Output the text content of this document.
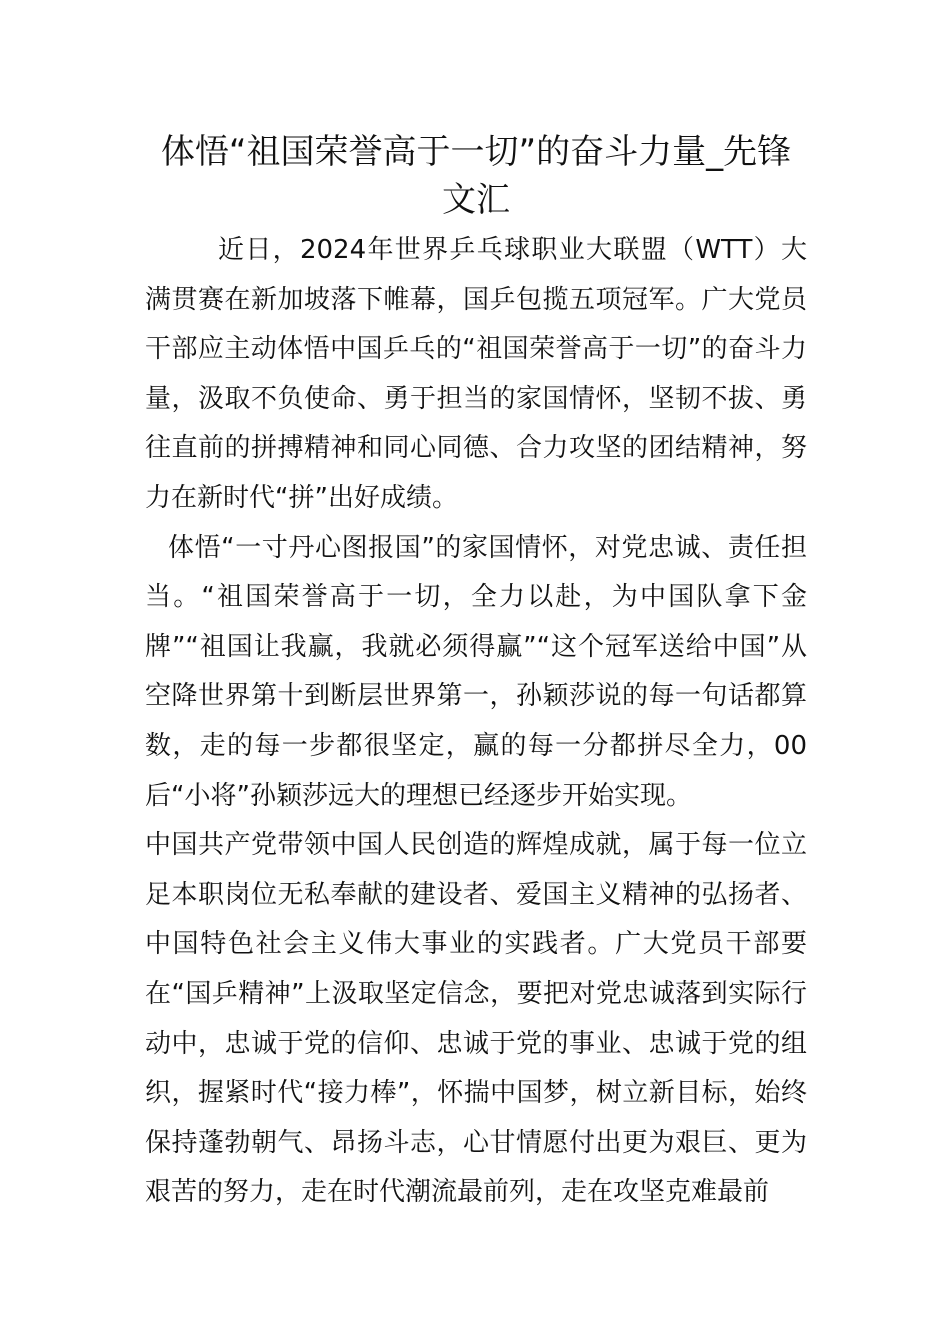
体悟“祖国荣誉高于一切”的奋斗力量_先锋文汇

近日，2024年世界乒乓球职业大联盟（WTT）大满贯赛在新加坡落下帷幕，国乒包揽五项冠军。广大党员干部应主动体悟中国乒乓的“祖国荣誉高于一切”的奋斗力量，汲取不负使命、勇于担当的家国情怀，坚韧不拔、勇往直前的拼搏精神和同心同德、合力攻坚的团结精神，努力在新时代“拼”出好成绩。

体悟“一寸丹心图报国”的家国情怀，对党忠诚、责任担当。“祖国荣誉高于一切，全力以赴，为中国队拿下金牌”“祖国让我赢，我就必须得赢”“这个冠军送给中国”从空降世界第十到断层世界第一，孙颖莎说的每一句话都算数，走的每一步都很坚定，赢的每一分都拼尽全力，00后“小将”孙颖莎远大的理想已经逐步开始实现。

中国共产党带领中国人民创造的辉煌成就，属于每一位立足本职岗位无私奉献的建设者、爱国主义精神的弘扬者、中国特色社会主义伟大事业的实践者。广大党员干部要在“国乒精神”上汲取坚定信念，要把对党忠诚落到实际行动中，忠诚于党的信仰、忠诚于党的事业、忠诚于党的组织，握紧时代“接力棒”，怀揣中国梦，树立新目标，始终保持蓬勃朝气、昂扬斗志，心甘情愿付出更为艰巨、更为艰苦的努力，走在时代潮流最前列，走在攻坚克难最前
